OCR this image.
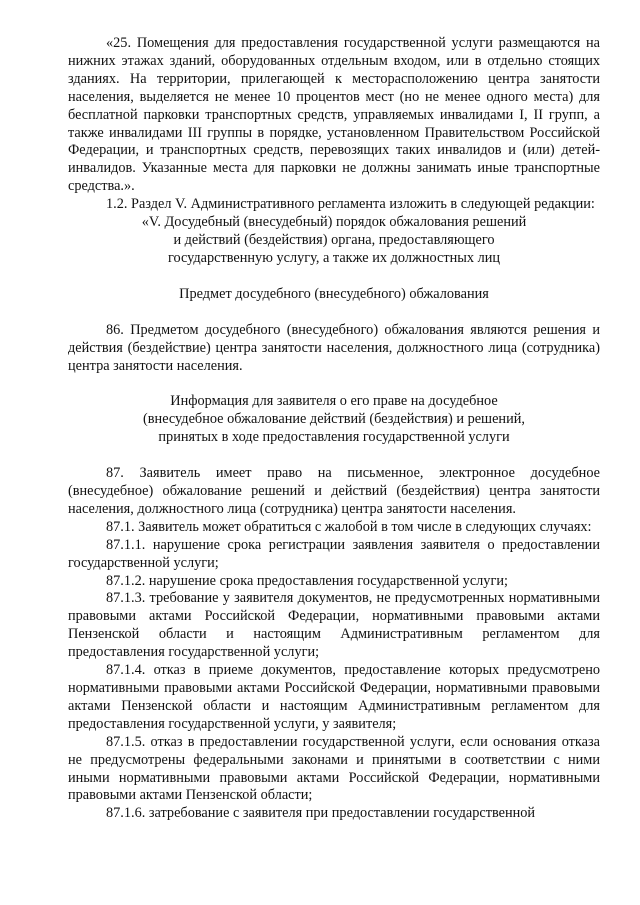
«25. Помещения для предоставления государственной услуги размещаются на нижних этажах зданий, оборудованных отдельным входом, или в отдельно стоящих зданиях. На территории, прилегающей к месторасположению центра занятости населения, выделяется не менее 10 процентов мест (но не менее одного места) для бесплатной парковки транспортных средств, управляемых инвалидами I, II групп, а также инвалидами III группы в порядке, установленном Правительством Российской Федерации, и транспортных средств, перевозящих таких инвалидов и (или) детей-инвалидов. Указанные места для парковки не должны занимать иные транспортные средства.».

1.2. Раздел V. Административного регламента изложить в следующей редакции:

«V. Досудебный (внесудебный) порядок обжалования решений
и действий (бездействия) органа, предоставляющего
государственную услугу, а также их должностных лиц

Предмет досудебного (внесудебного) обжалования

86. Предметом досудебного (внесудебного) обжалования являются решения и действия (бездействие) центра занятости населения, должностного лица (сотрудника) центра занятости населения.

Информация для заявителя о его праве на досудебное
(внесудебное обжалование действий (бездействия) и решений,
принятых в ходе предоставления государственной услуги

87. Заявитель имеет право на письменное, электронное досудебное (внесудебное) обжалование решений и действий (бездействия) центра занятости населения, должностного лица (сотрудника) центра занятости населения.

87.1. Заявитель может обратиться с жалобой в том числе в следующих случаях:

87.1.1. нарушение срока регистрации заявления заявителя о предоставлении государственной услуги;

87.1.2. нарушение срока предоставления государственной услуги;

87.1.3. требование у заявителя документов, не предусмотренных нормативными правовыми актами Российской Федерации, нормативными правовыми актами Пензенской области и настоящим Административным регламентом для предоставления государственной услуги;

87.1.4. отказ в приеме документов, предоставление которых предусмотрено нормативными правовыми актами Российской Федерации, нормативными правовыми актами Пензенской области и настоящим Административным регламентом для предоставления государственной услуги, у заявителя;

87.1.5. отказ в предоставлении государственной услуги, если основания отказа не предусмотрены федеральными законами и принятыми в соответствии с ними иными нормативными правовыми актами Российской Федерации, нормативными правовыми актами Пензенской области;

87.1.6. затребование с заявителя при предоставлении государственной
